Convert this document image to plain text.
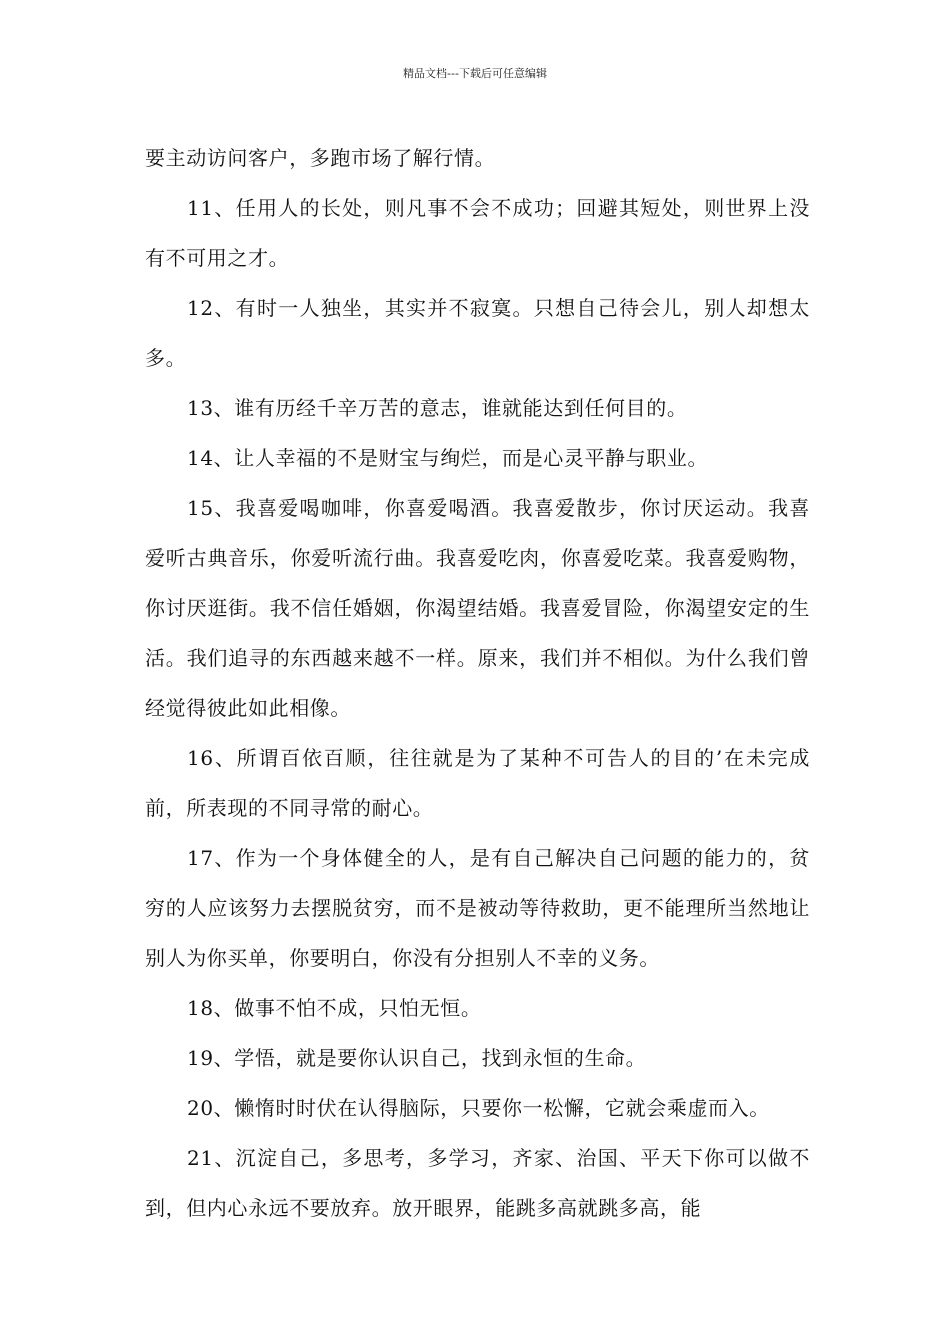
精品文档---下载后可任意编辑

要主动访问客户，多跑市场了解行情。

11、任用人的长处，则凡事不会不成功；回避其短处，则世界上没有不可用之才。

12、有时一人独坐，其实并不寂寞。只想自己待会儿，别人却想太多。

13、谁有历经千辛万苦的意志，谁就能达到任何目的。

14、让人幸福的不是财宝与绚烂，而是心灵平静与职业。

15、我喜爱喝咖啡，你喜爱喝酒。我喜爱散步，你讨厌运动。我喜爱听古典音乐，你爱听流行曲。我喜爱吃肉，你喜爱吃菜。我喜爱购物，你讨厌逛街。我不信任婚姻，你渴望结婚。我喜爱冒险，你渴望安定的生活。我们追寻的东西越来越不一样。原来，我们并不相似。为什么我们曾经觉得彼此如此相像。

16、所谓百依百顺，往往就是为了某种不可告人的目的’在未完成前，所表现的不同寻常的耐心。

17、作为一个身体健全的人，是有自己解决自己问题的能力的，贫穷的人应该努力去摆脱贫穷，而不是被动等待救助，更不能理所当然地让别人为你买单，你要明白，你没有分担别人不幸的义务。

18、做事不怕不成，只怕无恒。

19、学悟，就是要你认识自己，找到永恒的生命。

20、懒惰时时伏在认得脑际，只要你一松懈，它就会乘虚而入。

21、沉淀自己，多思考，多学习，齐家、治国、平天下你可以做不到，但内心永远不要放弃。放开眼界，能跳多高就跳多高，能
